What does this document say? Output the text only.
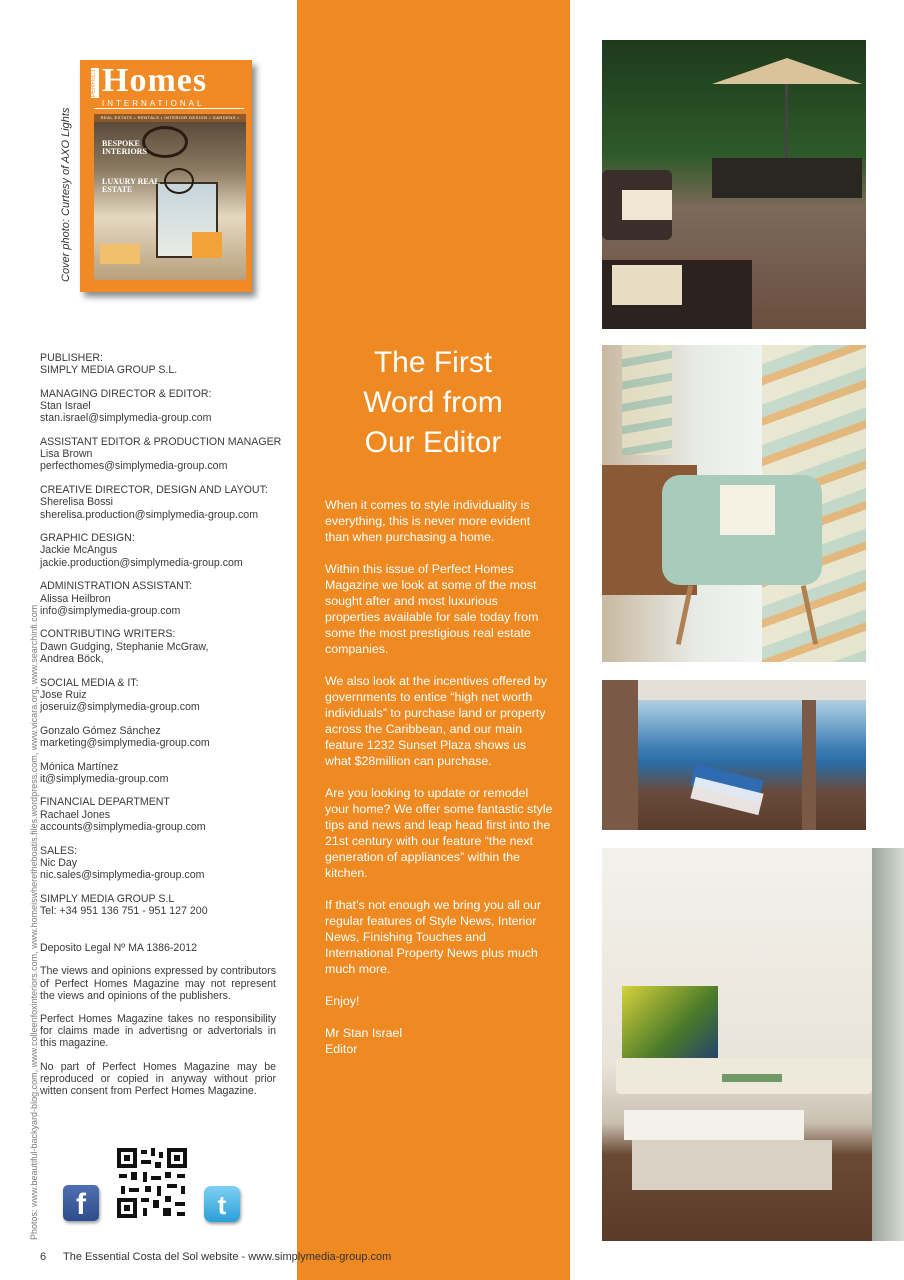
Photos: www.beautiful-backyard-blog.com, www.colleenfoxinteriors.com, www.homeiswheretheboatis.files.wordpress.com, www.vicara.org, www.searchinfi.com
Cover photo: Curtesy of AXO Lights
PERFECT Homes
INTERNATIONAL
REAL ESTATE • RENTALS • INTERIOR DESIGN • GARDENS •
BESPOKE INTERIORS
LUXURY REAL ESTATE
PUBLISHER:
SIMPLY MEDIA GROUP S.L.
MANAGING DIRECTOR & EDITOR:
Stan Israel
stan.israel@simplymedia-group.com
ASSISTANT EDITOR & PRODUCTION MANAGER
Lisa Brown
perfecthomes@simplymedia-group.com
CREATIVE DIRECTOR, DESIGN AND LAYOUT:
Sherelisa Bossi
sherelisa.production@simplymedia-group.com
GRAPHIC DESIGN:
Jackie McAngus
jackie.production@simplymedia-group.com
ADMINISTRATION ASSISTANT:
Alissa Heilbron
info@simplymedia-group.com
CONTRIBUTING WRITERS:
Dawn Gudging, Stephanie McGraw,
Andrea Böck,
SOCIAL MEDIA & IT:
Jose Ruiz
joseruiz@simplymedia-group.com
Gonzalo Gómez Sánchez
marketing@simplymedia-group.com
Mónica Martínez
it@simplymedia-group.com
FINANCIAL DEPARTMENT
Rachael Jones
accounts@simplymedia-group.com
SALES:
Nic Day
nic.sales@simplymedia-group.com
SIMPLY MEDIA GROUP S.L
Tel: +34 951 136 751 - 951 127 200
Deposito Legal Nº MA 1386-2012

The views and opinions expressed by contributors of Perfect Homes Magazine may not represent the views and opinions of the publishers.

Perfect Homes Magazine takes no responsibility for claims made in advertisng or advertorials in this magazine.

No part of Perfect Homes Magazine may be reproduced or copied in anyway without prior witten consent from Perfect Homes Magazine.

The First
Word from
Our Editor

When it comes to style individuality is everything, this is never more evident than when purchasing a home.

Within this issue of Perfect Homes Magazine we look at some of the most sought after and most luxurious properties available for sale today from some the most prestigious real estate companies.

We also look at the incentives offered by governments to entice “high net worth individuals” to purchase land or property across the Caribbean, and our main feature 1232 Sunset Plaza shows us what $28million can purchase.

Are you looking to update or remodel your home? We offer some fantastic style tips and news and leap head first into the 21st century with our feature “the next generation of appliances” within the kitchen.

If that’s not enough we bring you all our regular features of Style News, Interior News, Finishing Touches and International Property News plus much much more.

Enjoy!

Mr Stan Israel
Editor
f	t
6 The Essential Costa del Sol website - www.simplymedia-group.com
